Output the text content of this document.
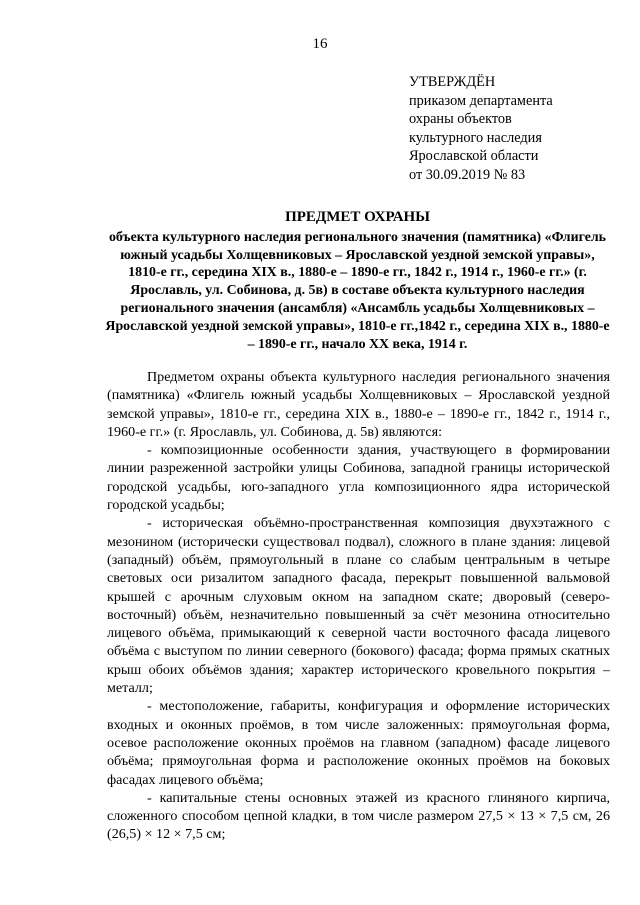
16
УТВЕРЖДЁН
приказом департамента
охраны объектов
культурного наследия
Ярославской области
от 30.09.2019 № 83
ПРЕДМЕТ ОХРАНЫ
объекта культурного наследия регионального значения (памятника) «Флигель южный усадьбы Холщевниковых – Ярославской уездной земской управы», 1810-е гг., середина XIX в., 1880-е – 1890-е гг., 1842 г., 1914 г., 1960-е гг.» (г. Ярославль, ул. Собинова, д. 5в) в составе объекта культурного наследия регионального значения (ансамбля) «Ансамбль усадьбы Холщевниковых – Ярославской уездной земской управы», 1810-е гг.,1842 г., середина XIX в., 1880-е – 1890-е гг., начало XX века, 1914 г.

Предметом охраны объекта культурного наследия регионального значения (памятника) «Флигель южный усадьбы Холщевниковых – Ярославской уездной земской управы», 1810-е гг., середина XIX в., 1880-е – 1890-е гг., 1842 г., 1914 г., 1960-е гг.» (г. Ярославль, ул. Собинова, д. 5в) являются:

- композиционные особенности здания, участвующего в формировании линии разреженной застройки улицы Собинова, западной границы исторической городской усадьбы, юго-западного угла композиционного ядра исторической городской усадьбы;

- историческая объёмно-пространственная композиция двухэтажного с мезонином (исторически существовал подвал), сложного в плане здания: лицевой (западный) объём, прямоугольный в плане со слабым центральным в четыре световых оси ризалитом западного фасада, перекрыт повышенной вальмовой крышей с арочным слуховым окном на западном скате; дворовый (северо-восточный) объём, незначительно повышенный за счёт мезонина относительно лицевого объёма, примыкающий к северной части восточного фасада лицевого объёма с выступом по линии северного (бокового) фасада; форма прямых скатных крыш обоих объёмов здания; характер исторического кровельного покрытия – металл;

- местоположение, габариты, конфигурация и оформление исторических входных и оконных проёмов, в том числе заложенных: прямоугольная форма, осевое расположение оконных проёмов на главном (западном) фасаде лицевого объёма; прямоугольная форма и расположение оконных проёмов на боковых фасадах лицевого объёма;

- капитальные стены основных этажей из красного глиняного кирпича, сложенного способом цепной кладки, в том числе размером 27,5 × 13 × 7,5 см, 26 (26,5) × 12 × 7,5 см;
